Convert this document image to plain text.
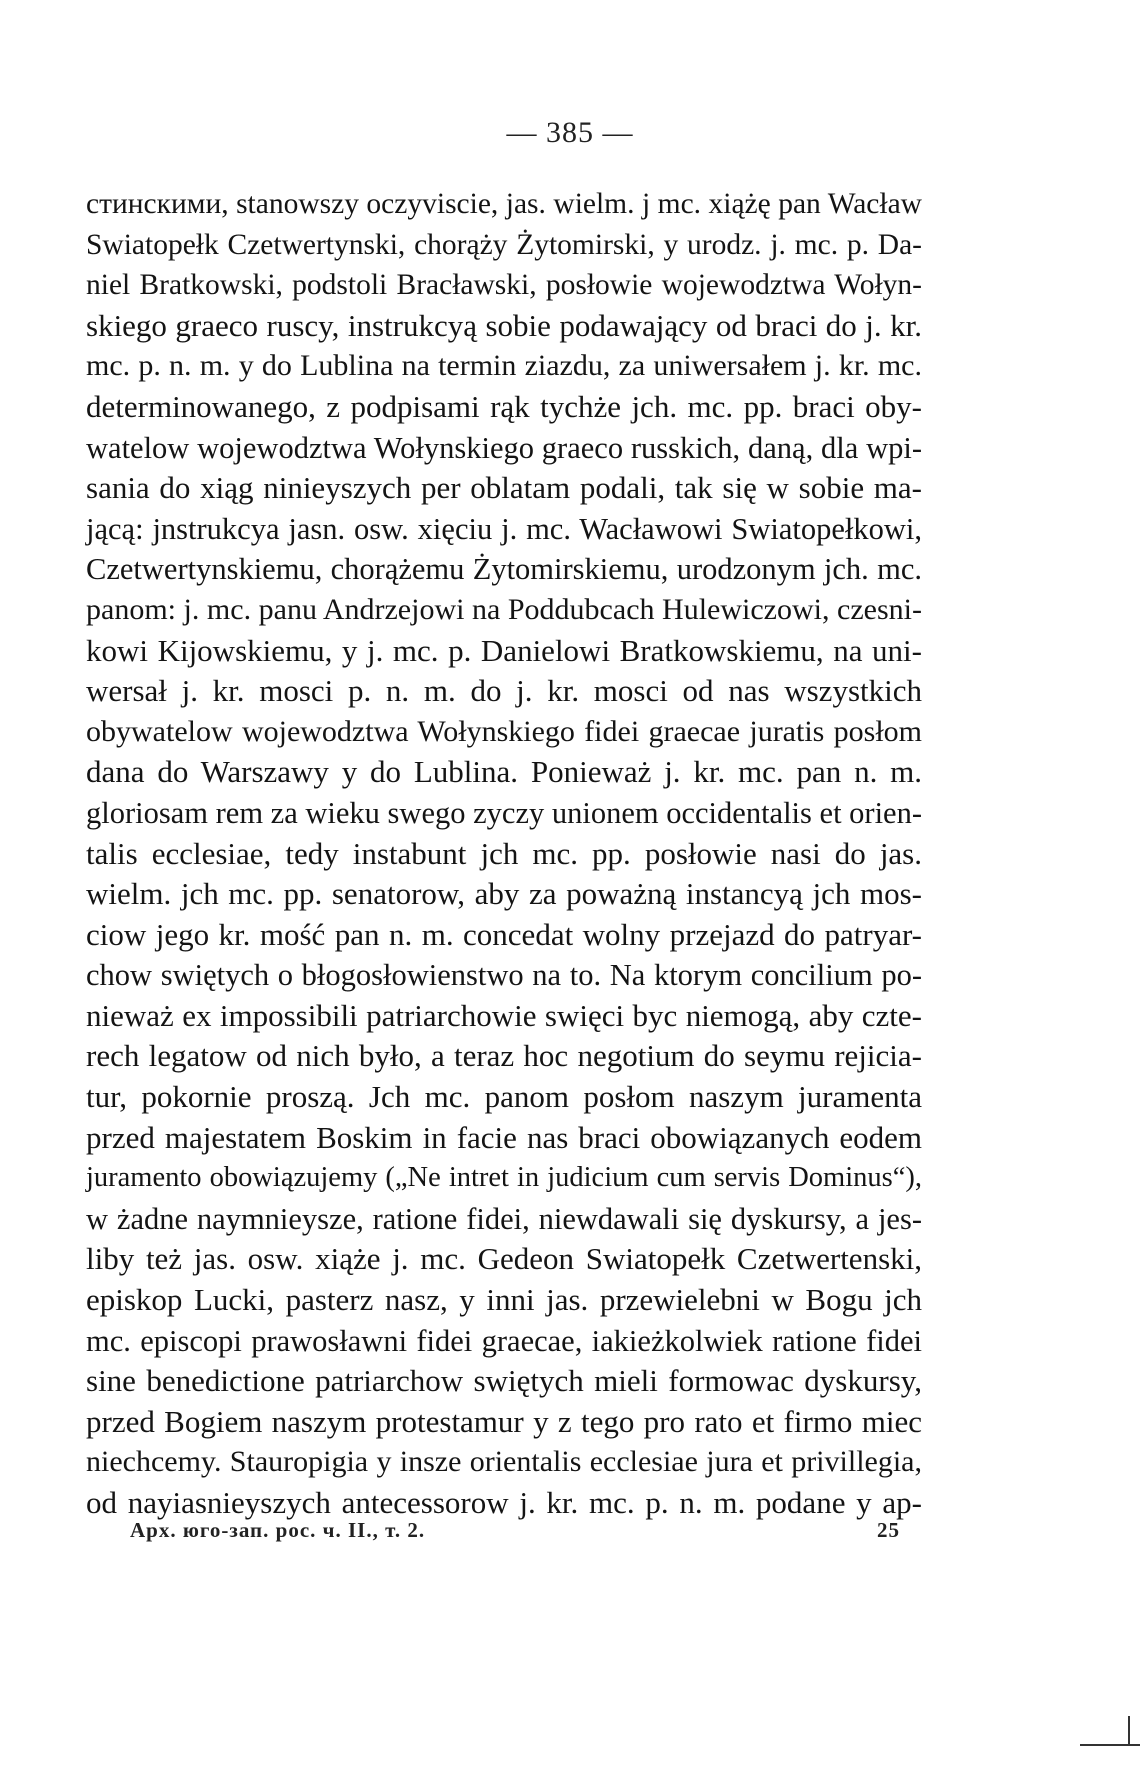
— 385 —
стинскими, stanowszy oczyviscie, jas. wielm. j mc. xiążę pan Wacław
Swiatopełk Czetwertynski, chorąży Żytomirski, y urodz. j. mc. p. Da-
niel Bratkowski, podstoli Bracławski, posłowie wojewodztwa Wołyn-
skiego graeco ruscy, instrukcyą sobie podawający od braci do j. kr.
mc. p. n. m. y do Lublina na termin ziazdu, za uniwersałem j. kr. mc.
determinowanego, z podpisami rąk tychże jch. mc. pp. braci oby-
watelow wojewodztwa Wołynskiego graeco russkich, daną, dla wpi-
sania do xiąg ninieyszych per oblatam podali, tak się w sobie ma-
jącą: jnstrukcya jasn. osw. xięciu j. mc. Wacławowi Swiatopełkowi,
Czetwertynskiemu, chorążemu Żytomirskiemu, urodzonym jch. mc.
panom: j. mc. panu Andrzejowi na Poddubcach Hulewiczowi, czesni-
kowi Kijowskiemu, y j. mc. p. Danielowi Bratkowskiemu, na uni-
wersał j. kr. mosci p. n. m. do j. kr. mosci od nas wszystkich
obywatelow wojewodztwa Wołynskiego fidei graecae juratis posłom
dana do Warszawy y do Lublina. Ponieważ j. kr. mc. pan n. m.
gloriosam rem za wieku swego zyczy unionem occidentalis et orien-
talis ecclesiae, tedy instabunt jch mc. pp. posłowie nasi do jas.
wielm. jch mc. pp. senatorow, aby za poważną instancyą jch mos-
ciow jego kr. mość pan n. m. concedat wolny przejazd do patryar-
chow swiętych o błogosłowienstwo na to. Na ktorym concilium po-
nieważ ex impossibili patriarchowie swięci byc niemogą, aby czte-
rech legatow od nich było, a teraz hoc negotium do seymu rejicia-
tur, pokornie proszą. Jch mc. panom posłom naszym juramenta
przed majestatem Boskim in facie nas braci obowiązanych eodem
juramento obowiązujemy („Ne intret in judicium cum servis Dominus“),
w żadne naymnieysze, ratione fidei, niewdawali się dyskursy, a jes-
liby też jas. osw. xiąże j. mc. Gedeon Swiatopełk Czetwertenski,
episkop Lucki, pasterz nasz, y inni jas. przewielebni w Bogu jch
mc. episcopi prawosławni fidei graecae, iakieżkolwiek ratione fidei
sine benedictione patriarchow swiętych mieli formowac dyskursy,
przed Bogiem naszym protestamur y z tego pro rato et firmo miec
niechcemy. Stauropigia y insze orientalis ecclesiae jura et privillegia,
od nayiasnieyszych antecessorow j. kr. mc. p. n. m. podane y ap-
Арх. юго-зап. рос. ч. II., т. 2.	25
